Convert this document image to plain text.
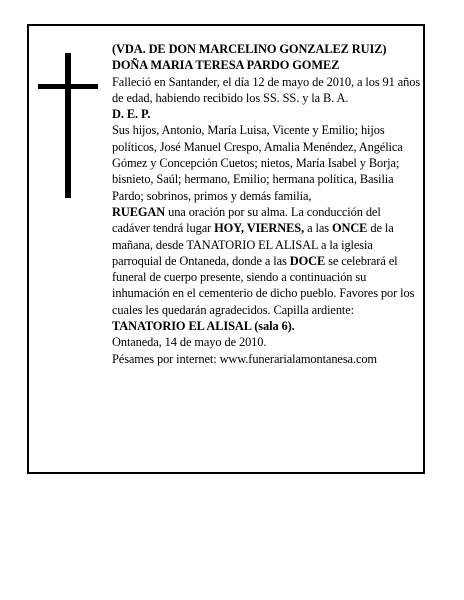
(VDA. DE DON MARCELINO GONZALEZ RUIZ)

DOÑA MARIA TERESA PARDO GOMEZ

Falleció en Santander, el día 12 de mayo de 2010, a los 91 años de edad, habiendo recibido los SS. SS. y la B. A.

D. E. P.

Sus hijos, Antonio, María Luisa, Vicente y Emilio; hijos políticos, José Manuel Crespo, Amalia Menéndez, Angélica Gómez y Concepción Cuetos; nietos, María Isabel y Borja; bisnieto, Saúl; hermano, Emilio; hermana política, Basilia Pardo; sobrinos, primos y demás familia,

RUEGAN una oración por su alma. La conducción del cadáver tendrá lugar HOY, VIERNES, a las ONCE de la mañana, desde TANATORIO EL ALISAL a la iglesia parroquial de Ontaneda, donde a las DOCE se celebrará el funeral de cuerpo presente, siendo a continuación su inhumación en el cementerio de dicho pueblo. Favores por los cuales les quedarán agradecidos. Capilla ardiente: TANATORIO EL ALISAL (sala 6).

Ontaneda, 14 de mayo de 2010.

Pésames por internet: www.funerarialamontanesa.com
